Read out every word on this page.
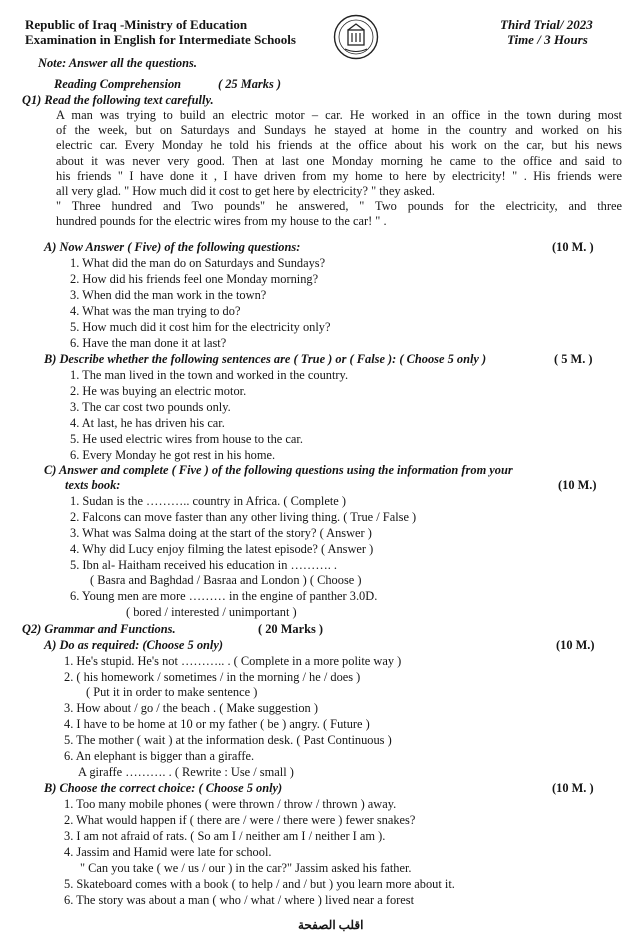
Republic of Iraq -Ministry of Education
Examination in English for Intermediate Schools
Third Trial/ 2023
Time / 3 Hours
Note: Answer all the questions.
Reading Comprehension	( 25 Marks )
Q1) Read the following text carefully.
A man was trying to build an electric motor – car. He worked in an office in the town during most
of the week, but on Saturdays and Sundays he stayed at home in the country and worked on his
electric car. Every Monday he told his friends at the office about his work on the car, but his news
about it was never very good. Then at last one Monday morning he came to the office and said to
his friends " I have done it , I have driven from my home to here by electricity! " . His friends were
all very glad. " How much did it cost to get here by electricity? " they asked.
" Three hundred and Two pounds" he answered, " Two pounds for the electricity, and three
hundred pounds for the electric wires from my house to the car! " .
A) Now Answer ( Five) of the following questions:	(10 M. )
1. What did the man do on Saturdays and Sundays?
2. How did his friends feel one Monday morning?
3. When did the man work in the town?
4. What was the man trying to do?
5. How much did it cost him for the electricity only?
6. Have the man done it at last?
B) Describe whether the following sentences are ( True ) or ( False ): ( Choose 5 only )	( 5 M. )
1. The man lived in the town and worked in the country.
2. He was buying an electric motor.
3. The car cost two pounds only.
4. At last, he has driven his car.
5. He used electric wires from house to the car.
6. Every Monday he got rest in his home.
C) Answer and complete ( Five ) of the following questions using the information from your
texts book:	(10 M.)
1. Sudan is the ……….. country in Africa. ( Complete )
2. Falcons can move faster than any other living thing. ( True / False )
3. What was Salma doing at the start of the story? ( Answer )
4. Why did Lucy enjoy filming the latest episode? ( Answer )
5. Ibn al- Haitham received his education in ………. .
( Basra and Baghdad / Basraa and London ) ( Choose )
6. Young men are more ……… in the engine of panther 3.0D.
( bored / interested / unimportant )
Q2) Grammar and Functions.	( 20 Marks )
A) Do as required: (Choose 5 only)	(10 M.)
1. He's stupid. He's not ……….. . ( Complete in a more polite way )
2. ( his homework / sometimes / in the morning / he / does )
( Put it in order to make sentence )
3. How about / go / the beach . ( Make suggestion )
4. I have to be home at 10 or my father ( be ) angry. ( Future )
5. The mother ( wait ) at the information desk. ( Past Continuous )
6. An elephant is bigger than a giraffe.
A giraffe ………. . ( Rewrite : Use / small )
B) Choose the correct choice: ( Choose 5 only)	(10 M. )
1. Too many mobile phones ( were thrown / throw / thrown ) away.
2. What would happen if ( there are / were / there were ) fewer snakes?
3. I am not afraid of rats. ( So am I / neither am I / neither I am ).
4. Jassim and Hamid were late for school.
" Can you take ( we / us / our ) in the car?" Jassim asked his father.
5. Skateboard comes with a book ( to help / and / but ) you learn more about it.
6. The story was about a man ( who / what / where ) lived near a forest
اقلب الصفحة
